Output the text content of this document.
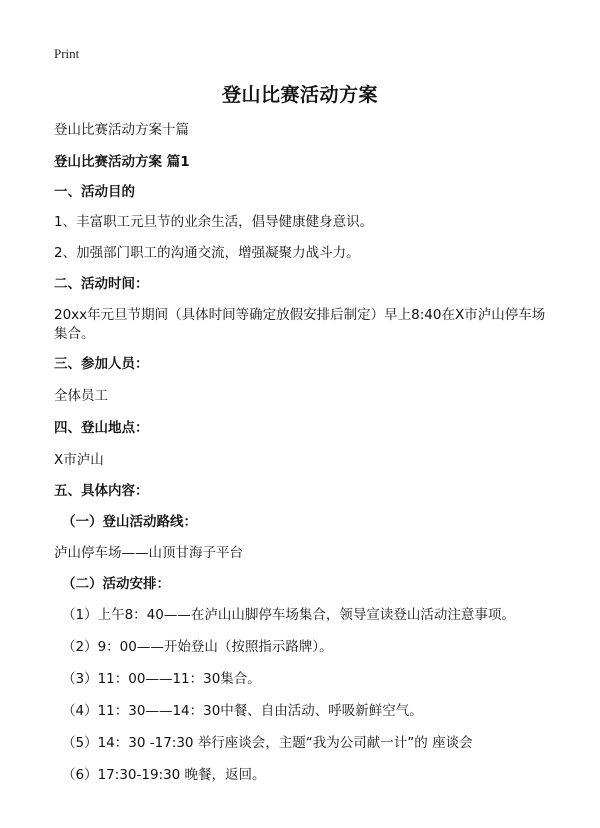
Print
登山比赛活动方案
登山比赛活动方案十篇
登山比赛活动方案 篇1
一、活动目的
1、丰富职工元旦节的业余生活，倡导健康健身意识。
2、加强部门职工的沟通交流，增强凝聚力战斗力。
二、活动时间：
20xx年元旦节期间（具体时间等确定放假安排后制定）早上8:40在X市泸山停车场集合。
三、参加人员：
全体员工
四、登山地点：
X市泸山
五、具体内容：
（一）登山活动路线：
泸山停车场——山顶甘海子平台
（二）活动安排：
（1）上午8：40——在泸山山脚停车场集合，领导宣读登山活动注意事项。
（2）9：00——开始登山（按照指示路牌）。
（3）11：00——11：30集合。
（4）11：30——14：30中餐、自由活动、呼吸新鲜空气。
（5）14：30 -17:30 举行座谈会，主题“我为公司献一计”的 座谈会
（6）17:30-19:30 晚餐，返回。
